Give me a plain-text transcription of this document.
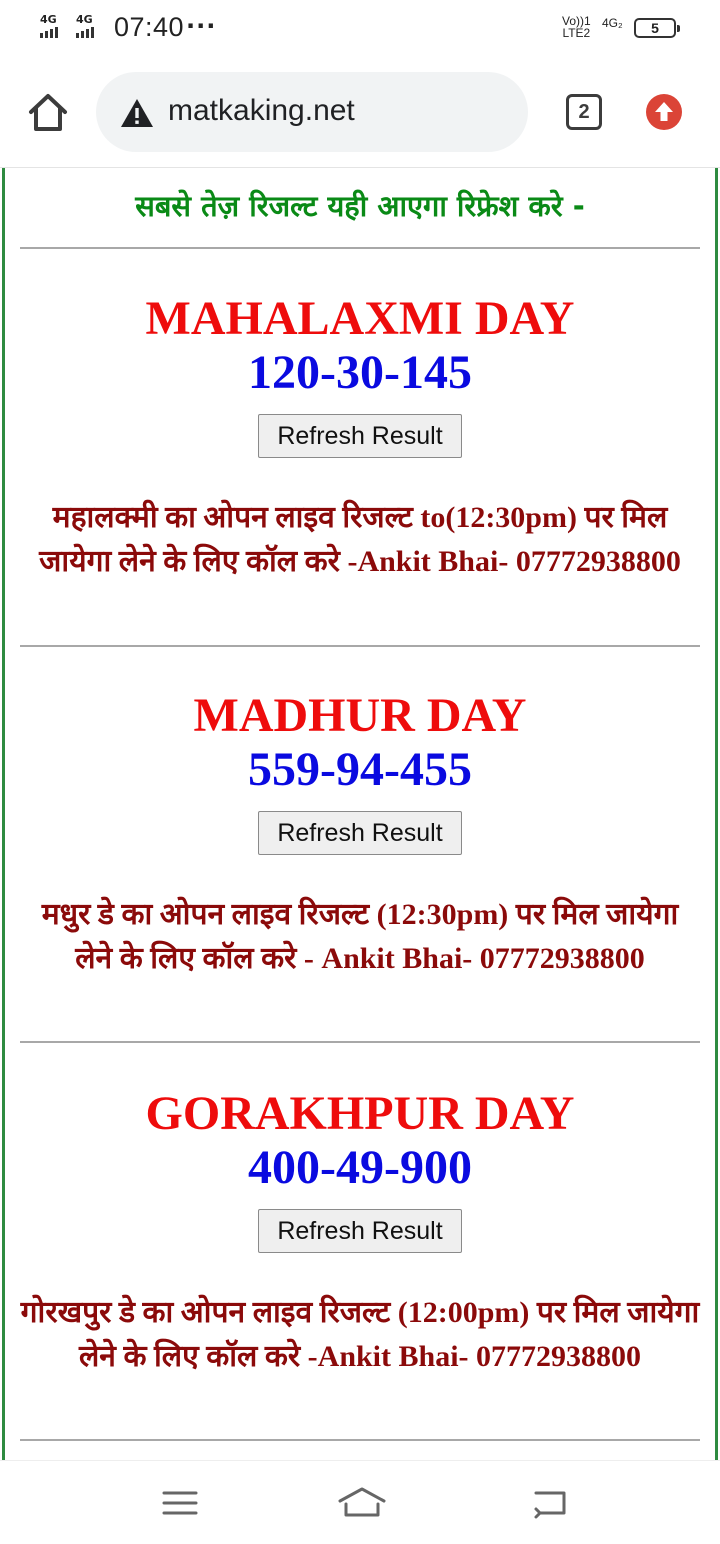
4G 4G 07:40 ···	Vo))1
LTE2
4G₂	5
matkaking.net	2
सबसे तेज़ रिजल्ट यही आएगा रिफ्रेश करे -
MAHALAXMI DAY
120-30-145
Refresh Result
महालक्मी का ओपन लाइव रिजल्ट to(12:30pm) पर मिल जायेगा लेने के लिए कॉल करे -Ankit Bhai- 07772938800
MADHUR DAY
559-94-455
Refresh Result
मधुर डे का ओपन लाइव रिजल्ट (12:30pm) पर मिल जायेगा लेने के लिए कॉल करे - Ankit Bhai- 07772938800
GORAKHPUR DAY
400-49-900
Refresh Result
गोरखपुर डे का ओपन लाइव रिजल्ट (12:00pm) पर मिल जायेगा लेने के लिए कॉल करे -Ankit Bhai- 07772938800
